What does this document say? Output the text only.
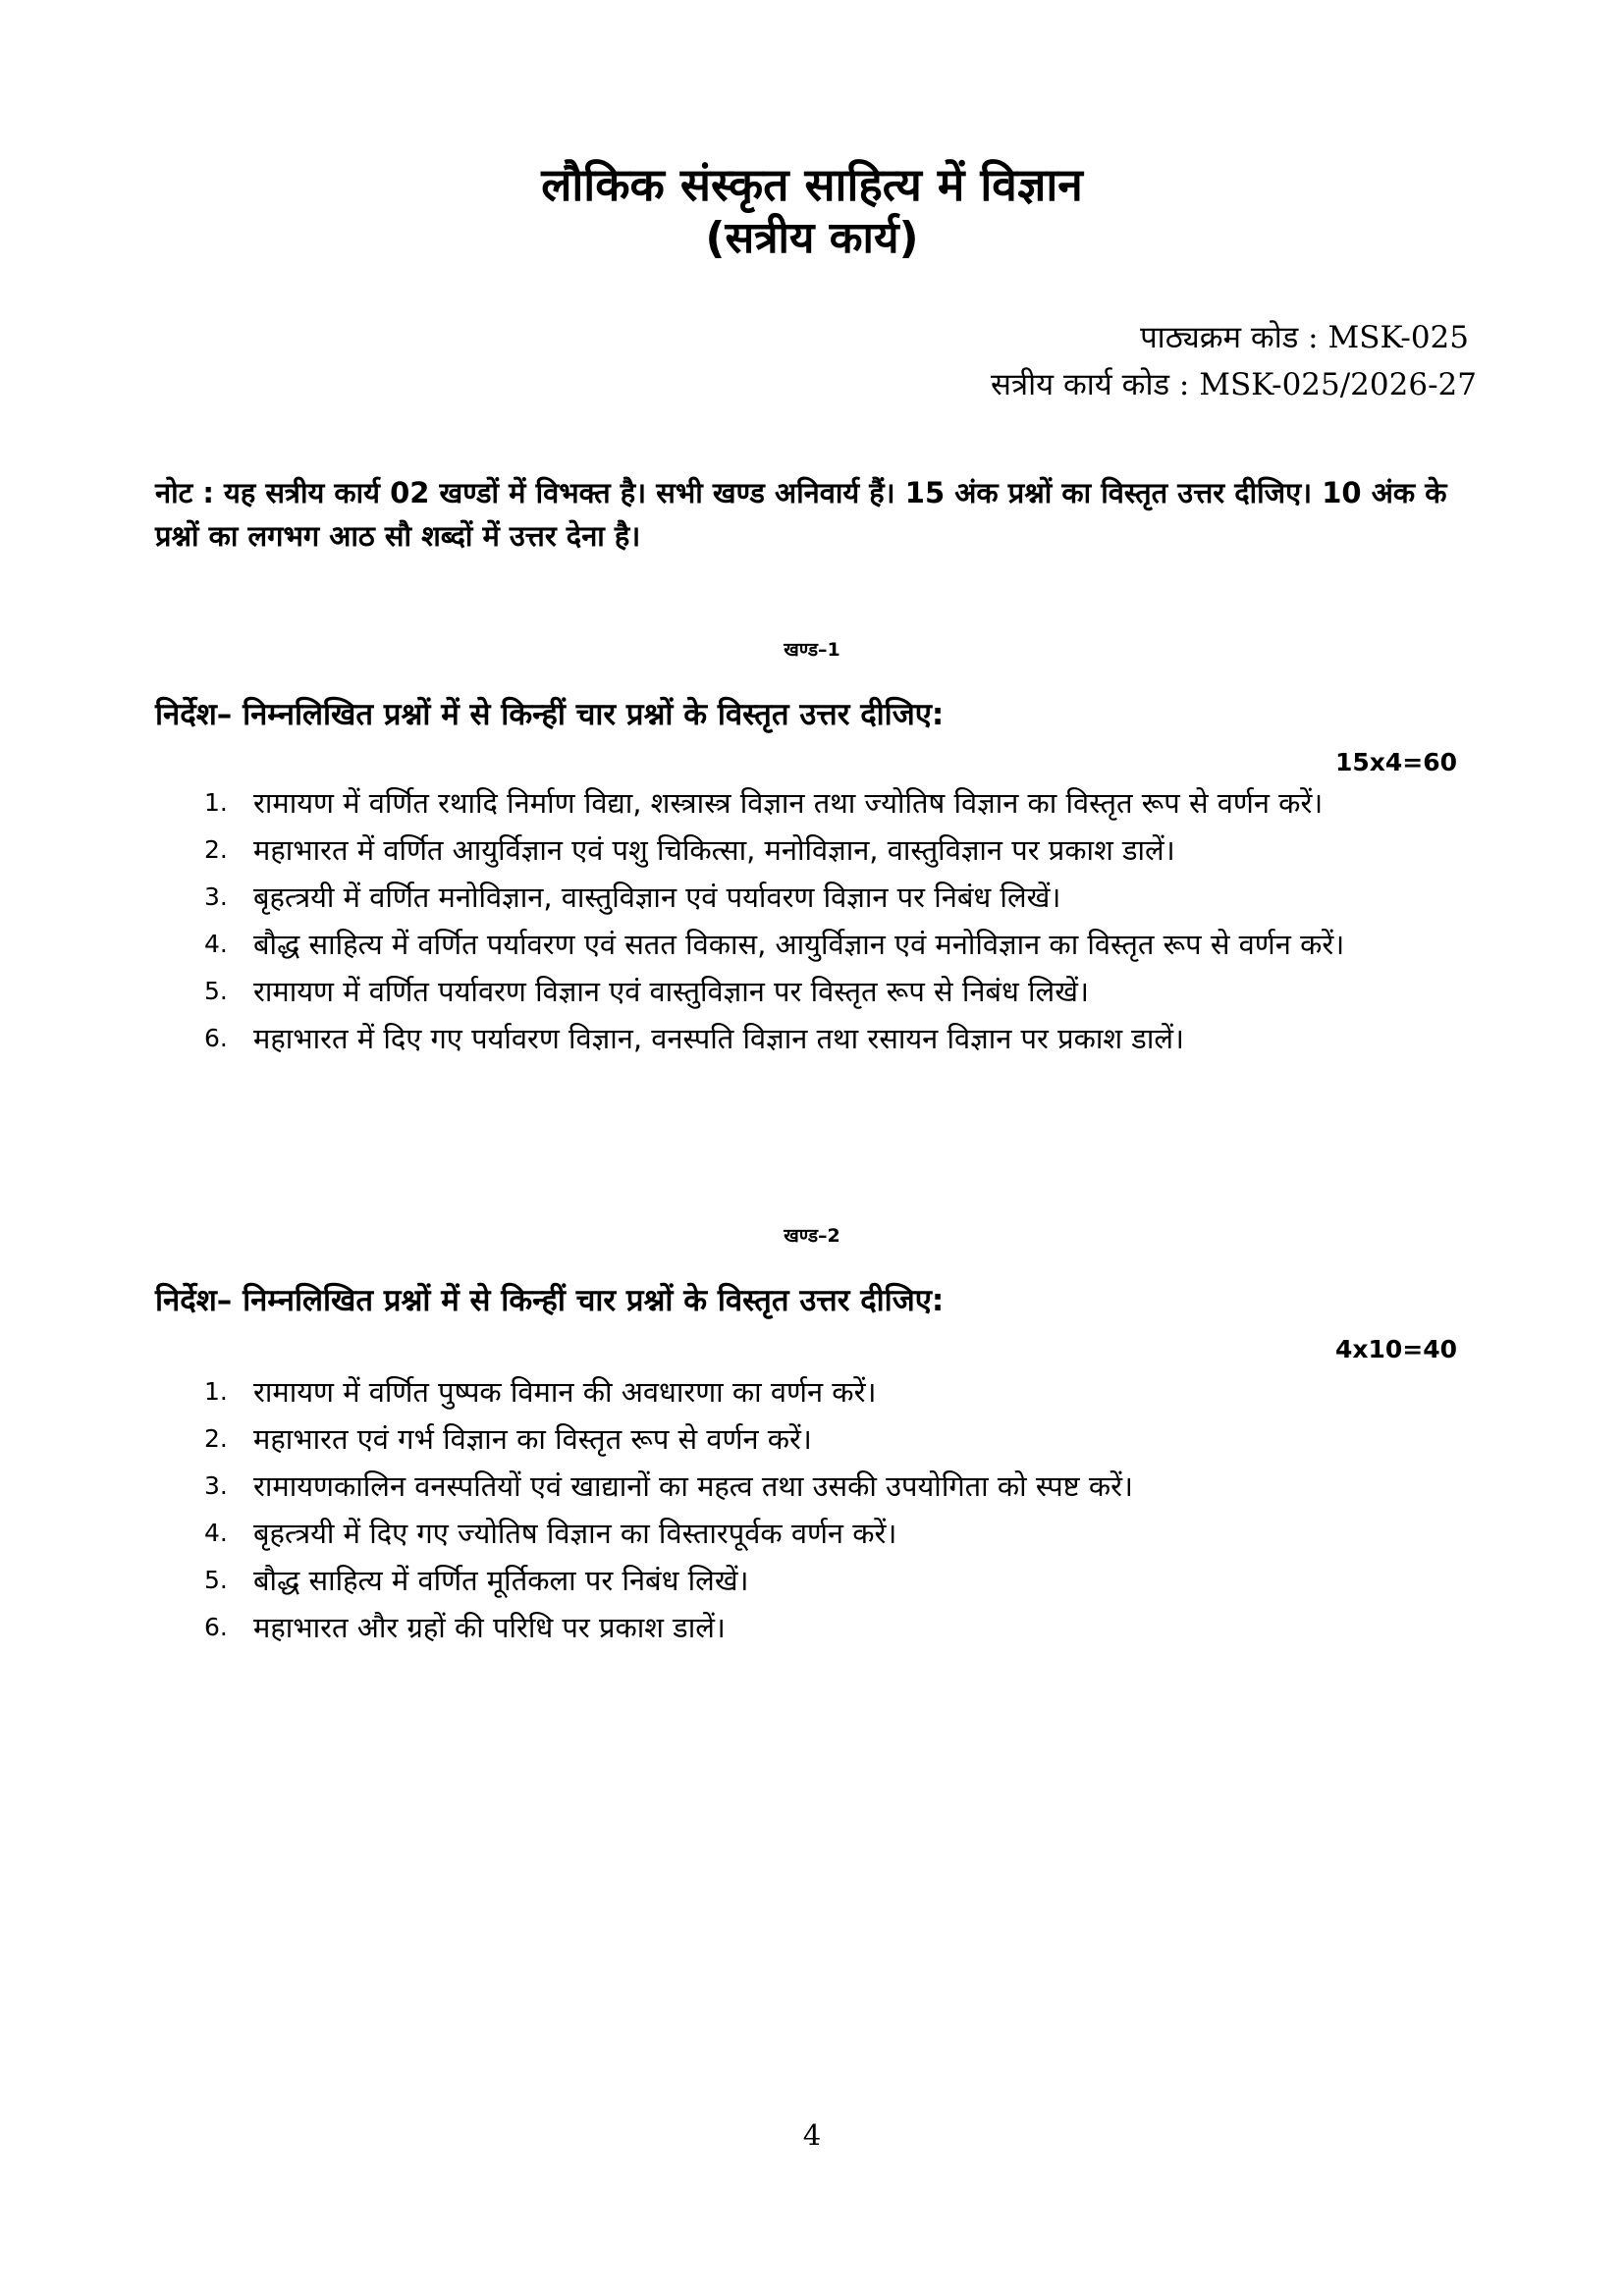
लौकिक संस्कृत साहित्य में विज्ञान
(सत्रीय कार्य)
पाठ्यक्रम कोड : MSK-025
सत्रीय कार्य कोड : MSK-025/2026-27
नोट : यह सत्रीय कार्य 02 खण्डों में विभक्त है। सभी खण्ड अनिवार्य हैं। 15 अंक प्रश्नों का विस्तृत उत्तर दीजिए। 10 अंक के प्रश्नों का लगभग आठ सौ शब्दों में उत्तर देना है।
खण्ड–1
निर्देश– निम्नलिखित प्रश्नों में से किन्हीं चार प्रश्नों के विस्तृत उत्तर दीजिए:
15x4=60
1. रामायण में वर्णित रथादि निर्माण विद्या, शस्त्रास्त्र विज्ञान तथा ज्योतिष विज्ञान का विस्तृत रूप से वर्णन करें।
2. महाभारत में वर्णित आयुर्विज्ञान एवं पशु चिकित्सा, मनोविज्ञान, वास्तुविज्ञान पर प्रकाश डालें।
3. बृहत्त्रयी में वर्णित मनोविज्ञान, वास्तुविज्ञान एवं पर्यावरण विज्ञान पर निबंध लिखें।
4. बौद्ध साहित्य में वर्णित पर्यावरण एवं सतत विकास, आयुर्विज्ञान एवं मनोविज्ञान का विस्तृत रूप से वर्णन करें।
5. रामायण में वर्णित पर्यावरण विज्ञान एवं वास्तुविज्ञान पर विस्तृत रूप से निबंध लिखें।
6. महाभारत में दिए गए पर्यावरण विज्ञान, वनस्पति विज्ञान तथा रसायन विज्ञान पर प्रकाश डालें।
खण्ड–2
निर्देश– निम्नलिखित प्रश्नों में से किन्हीं चार प्रश्नों के विस्तृत उत्तर दीजिए:
4x10=40
1. रामायण में वर्णित पुष्पक विमान की अवधारणा का वर्णन करें।
2. महाभारत एवं गर्भ विज्ञान का विस्तृत रूप से वर्णन करें।
3. रामायणकालिन वनस्पतियों एवं खाद्यानों का महत्व तथा उसकी उपयोगिता को स्पष्ट करें।
4. बृहत्त्रयी में दिए गए ज्योतिष विज्ञान का विस्तारपूर्वक वर्णन करें।
5. बौद्ध साहित्य में वर्णित मूर्तिकला पर निबंध लिखें।
6. महाभारत और ग्रहों की परिधि पर प्रकाश डालें।
4
